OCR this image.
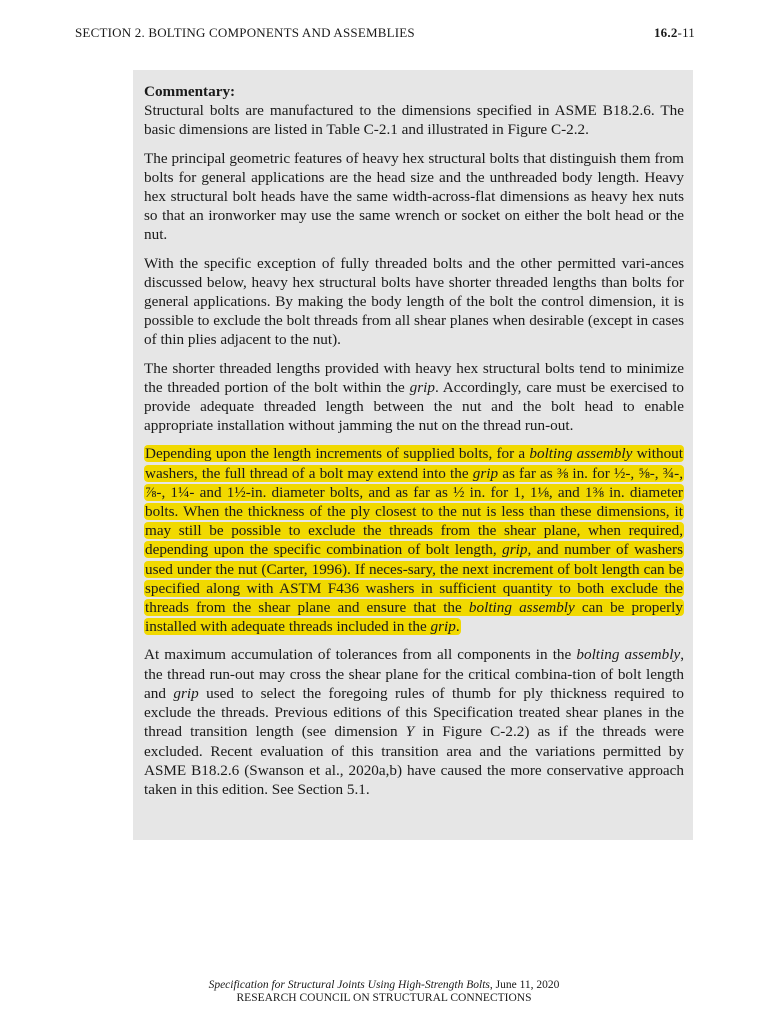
SECTION 2. BOLTING COMPONENTS AND ASSEMBLIES	16.2-11

Commentary:
Structural bolts are manufactured to the dimensions specified in ASME B18.2.6. The basic dimensions are listed in Table C-2.1 and illustrated in Figure C-2.2.

The principal geometric features of heavy hex structural bolts that distinguish them from bolts for general applications are the head size and the unthreaded body length. Heavy hex structural bolt heads have the same width-across-flat dimensions as heavy hex nuts so that an ironworker may use the same wrench or socket on either the bolt head or the nut.

With the specific exception of fully threaded bolts and the other permitted vari-ances discussed below, heavy hex structural bolts have shorter threaded lengths than bolts for general applications. By making the body length of the bolt the control dimension, it is possible to exclude the bolt threads from all shear planes when desirable (except in cases of thin plies adjacent to the nut).

The shorter threaded lengths provided with heavy hex structural bolts tend to minimize the threaded portion of the bolt within the grip. Accordingly, care must be exercised to provide adequate threaded length between the nut and the bolt head to enable appropriate installation without jamming the nut on the thread run-out.

Depending upon the length increments of supplied bolts, for a bolting assembly without washers, the full thread of a bolt may extend into the grip as far as ⅜ in. for ½-, ⅝-, ¾-, ⅞-, 1¼- and 1½-in. diameter bolts, and as far as ½ in. for 1, 1⅛, and 1⅜ in. diameter bolts. When the thickness of the ply closest to the nut is less than these dimensions, it may still be possible to exclude the threads from the shear plane, when required, depending upon the specific combination of bolt length, grip, and number of washers used under the nut (Carter, 1996). If neces-sary, the next increment of bolt length can be specified along with ASTM F436 washers in sufficient quantity to both exclude the threads from the shear plane and ensure that the bolting assembly can be properly installed with adequate threads included in the grip.

At maximum accumulation of tolerances from all components in the bolting assembly, the thread run-out may cross the shear plane for the critical combina-tion of bolt length and grip used to select the foregoing rules of thumb for ply thickness required to exclude the threads. Previous editions of this Specification treated shear planes in the thread transition length (see dimension Y in Figure C-2.2) as if the threads were excluded. Recent evaluation of this transition area and the variations permitted by ASME B18.2.6 (Swanson et al., 2020a,b) have caused the more conservative approach taken in this edition. See Section 5.1.

Specification for Structural Joints Using High-Strength Bolts, June 11, 2020
RESEARCH COUNCIL ON STRUCTURAL CONNECTIONS
